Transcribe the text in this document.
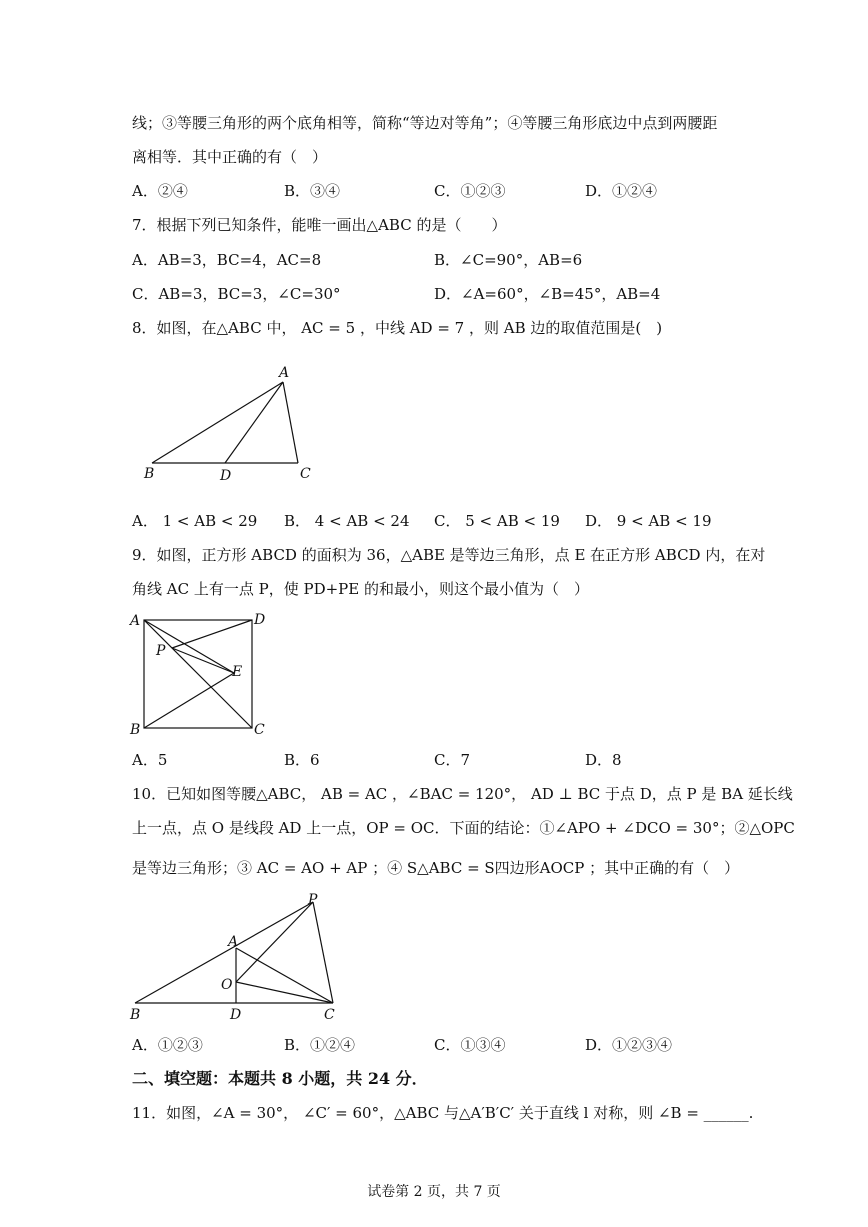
线；③等腰三角形的两个底角相等，简称“等边对等角”；④等腰三角形底边中点到两腰距
离相等．其中正确的有（　）
A．②④	B．③④	C．①②③	D．①②④
7．根据下列已知条件，能唯一画出△ABC 的是（　　）
A．AB=3，BC=4，AC=8	B．∠C=90°，AB=6
C．AB=3，BC=3，∠C=30°	D．∠A=60°，∠B=45°，AB=4
8．如图，在△ABC 中， AC = 5 ，中线 AD = 7 ，则 AB 边的取值范围是(　)
A
B	D	C
A． 1 < AB < 29 B． 4 < AB < 24 C． 5 < AB < 19 D． 9 < AB < 19
9．如图，正方形 ABCD 的面积为 36，△ABE 是等边三角形，点 E 在正方形 ABCD 内，在对
角线 AC 上有一点 P，使 PD+PE 的和最小，则这个最小值为（　）
A	D
P
E
B	C
A．5	B．6	C．7	D．8
10．已知如图等腰△ABC， AB = AC ，∠BAC = 120°， AD ⊥ BC 于点 D，点 P 是 BA 延长线
上一点，点 O 是线段 AD 上一点，OP = OC．下面的结论：①∠APO + ∠DCO = 30°；②△OPC
是等边三角形；③ AC = AO + AP ；④ S△ABC = S四边形AOCP ；其中正确的有（　）
P
A
O
B	D	C
A．①②③	B．①②④	C．①③④	D．①②③④
二、填空题：本题共 8 小题，共 24 分．
11．如图，∠A = 30°， ∠C′ = 60°，△ABC 与△A′B′C′ 关于直线 l 对称，则 ∠B = ______.
试卷第 2 页，共 7 页
